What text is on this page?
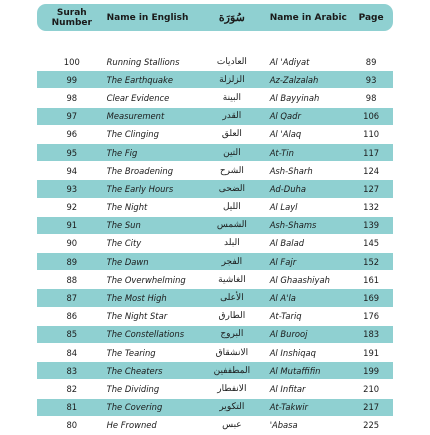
Surah
Number	Name in English	سُوَرَة	Name in Arabic	Page
100	Running Stallions	العاديات	Al 'Adiyat	89
99	The Earthquake	الزلزلة	Az-Zalzalah	93
98	Clear Evidence	البينة	Al Bayyinah	98
97	Measurement	القدر	Al Qadr	106
96	The Clinging	العلق	Al 'Alaq	110
95	The Fig	التين	At-Tin	117
94	The Broadening	الشرح	Ash-Sharh	124
93	The Early Hours	الضحى	Ad-Duha	127
92	The Night	الليل	Al Layl	132
91	The Sun	الشمس	Ash-Shams	139
90	The City	البلد	Al Balad	145
89	The Dawn	الفجر	Al Fajr	152
88	The Overwhelming	الغاشية	Al Ghaashiyah	161
87	The Most High	الأعلى	Al A'la	169
86	The Night Star	الطارق	At-Tariq	176
85	The Constellations	البروج	Al Burooj	183
84	The Tearing	الانشقاق	Al Inshiqaq	191
83	The Cheaters	المطففين	Al Mutaffifin	199
82	The Dividing	الانفطار	Al Infitar	210
81	The Covering	التكوير	At-Takwir	217
80	He Frowned	عبس	'Abasa	225
